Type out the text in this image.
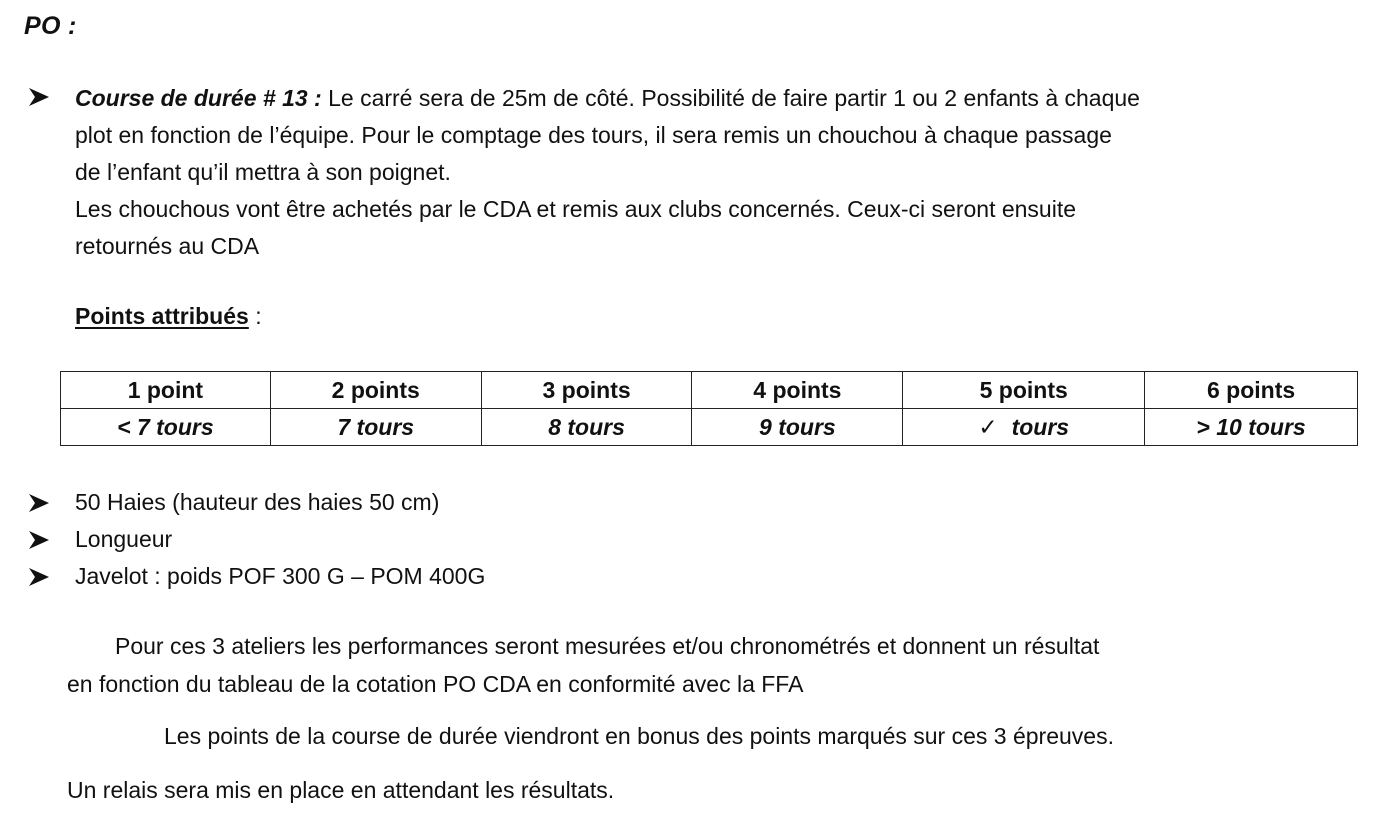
PO :
Course de durée # 13 : Le carré sera de 25m de côté. Possibilité de faire partir 1 ou 2 enfants à chaque
plot en fonction de l’équipe. Pour le comptage des tours, il sera remis un chouchou à chaque passage
de l’enfant qu’il mettra à son poignet.
Les chouchous vont être achetés par le CDA et remis aux clubs concernés. Ceux-ci seront ensuite
retournés au CDA
Points attribués :
1 point	2 points	3 points	4 points	5 points	6 points
< 7 tours	7 tours	8 tours	9 tours	✓ tours	> 10 tours
50 Haies (hauteur des haies 50 cm)
Longueur
Javelot : poids POF 300 G – POM 400G
Pour ces 3 ateliers les performances seront mesurées et/ou chronométrés et donnent un résultat
en fonction du tableau de la cotation PO CDA en conformité avec la FFA
Les points de la course de durée viendront en bonus des points marqués sur ces 3 épreuves.
Un relais sera mis en place en attendant les résultats.
